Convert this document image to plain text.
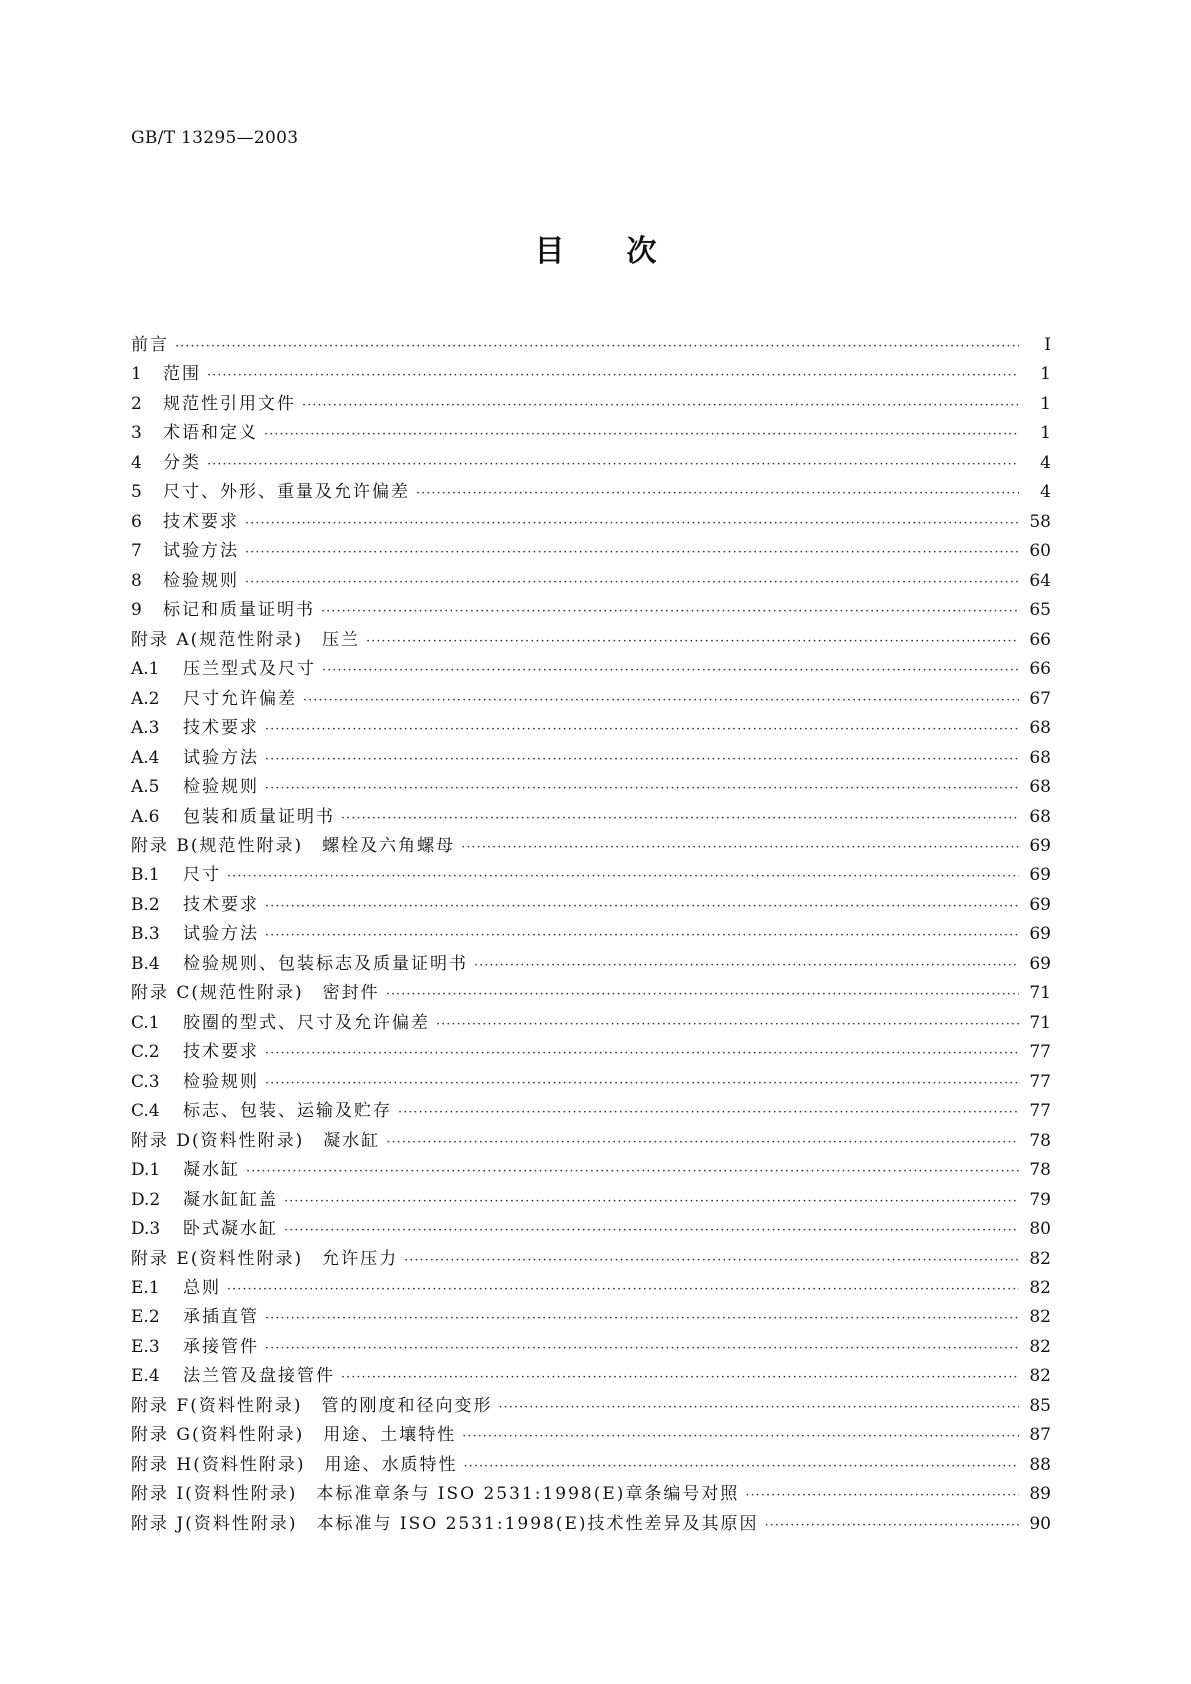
GB/T 13295—2003
目 次
前言 ·····	I
1	范围 ·····	1
2	规范性引用文件 ·····	1
3	术语和定义 ·····	1
4	分类 ·····	4
5	尺寸、外形、重量及允许偏差 ·····	4
6	技术要求 ·····	58
7	试验方法 ·····	60
8	检验规则 ·····	64
9	标记和质量证明书 ·····	65
附录 A(规范性附录)　压兰 ·····	66
A.1	压兰型式及尺寸 ·····	66
A.2	尺寸允许偏差 ·····	67
A.3	技术要求 ·····	68
A.4	试验方法 ·····	68
A.5	检验规则 ·····	68
A.6	包装和质量证明书 ·····	68
附录 B(规范性附录)　螺栓及六角螺母 ·····	69
B.1	尺寸 ·····	69
B.2	技术要求 ·····	69
B.3	试验方法 ·····	69
B.4	检验规则、包装标志及质量证明书 ·····	69
附录 C(规范性附录)　密封件 ·····	71
C.1	胶圈的型式、尺寸及允许偏差 ·····	71
C.2	技术要求 ·····	77
C.3	检验规则 ·····	77
C.4	标志、包装、运输及贮存 ·····	77
附录 D(资料性附录)　凝水缸 ·····	78
D.1	凝水缸 ·····	78
D.2	凝水缸缸盖 ·····	79
D.3	卧式凝水缸 ·····	80
附录 E(资料性附录)　允许压力 ·····	82
E.1	总则 ·····	82
E.2	承插直管 ·····	82
E.3	承接管件 ·····	82
E.4	法兰管及盘接管件 ·····	82
附录 F(资料性附录)　管的刚度和径向变形 ·····	85
附录 G(资料性附录)　用途、土壤特性 ·····	87
附录 H(资料性附录)　用途、水质特性 ·····	88
附录 I(资料性附录)　本标准章条与 ISO 2531:1998(E)章条编号对照 ·····	89
附录 J(资料性附录)　本标准与 ISO 2531:1998(E)技术性差异及其原因 ·····	90
